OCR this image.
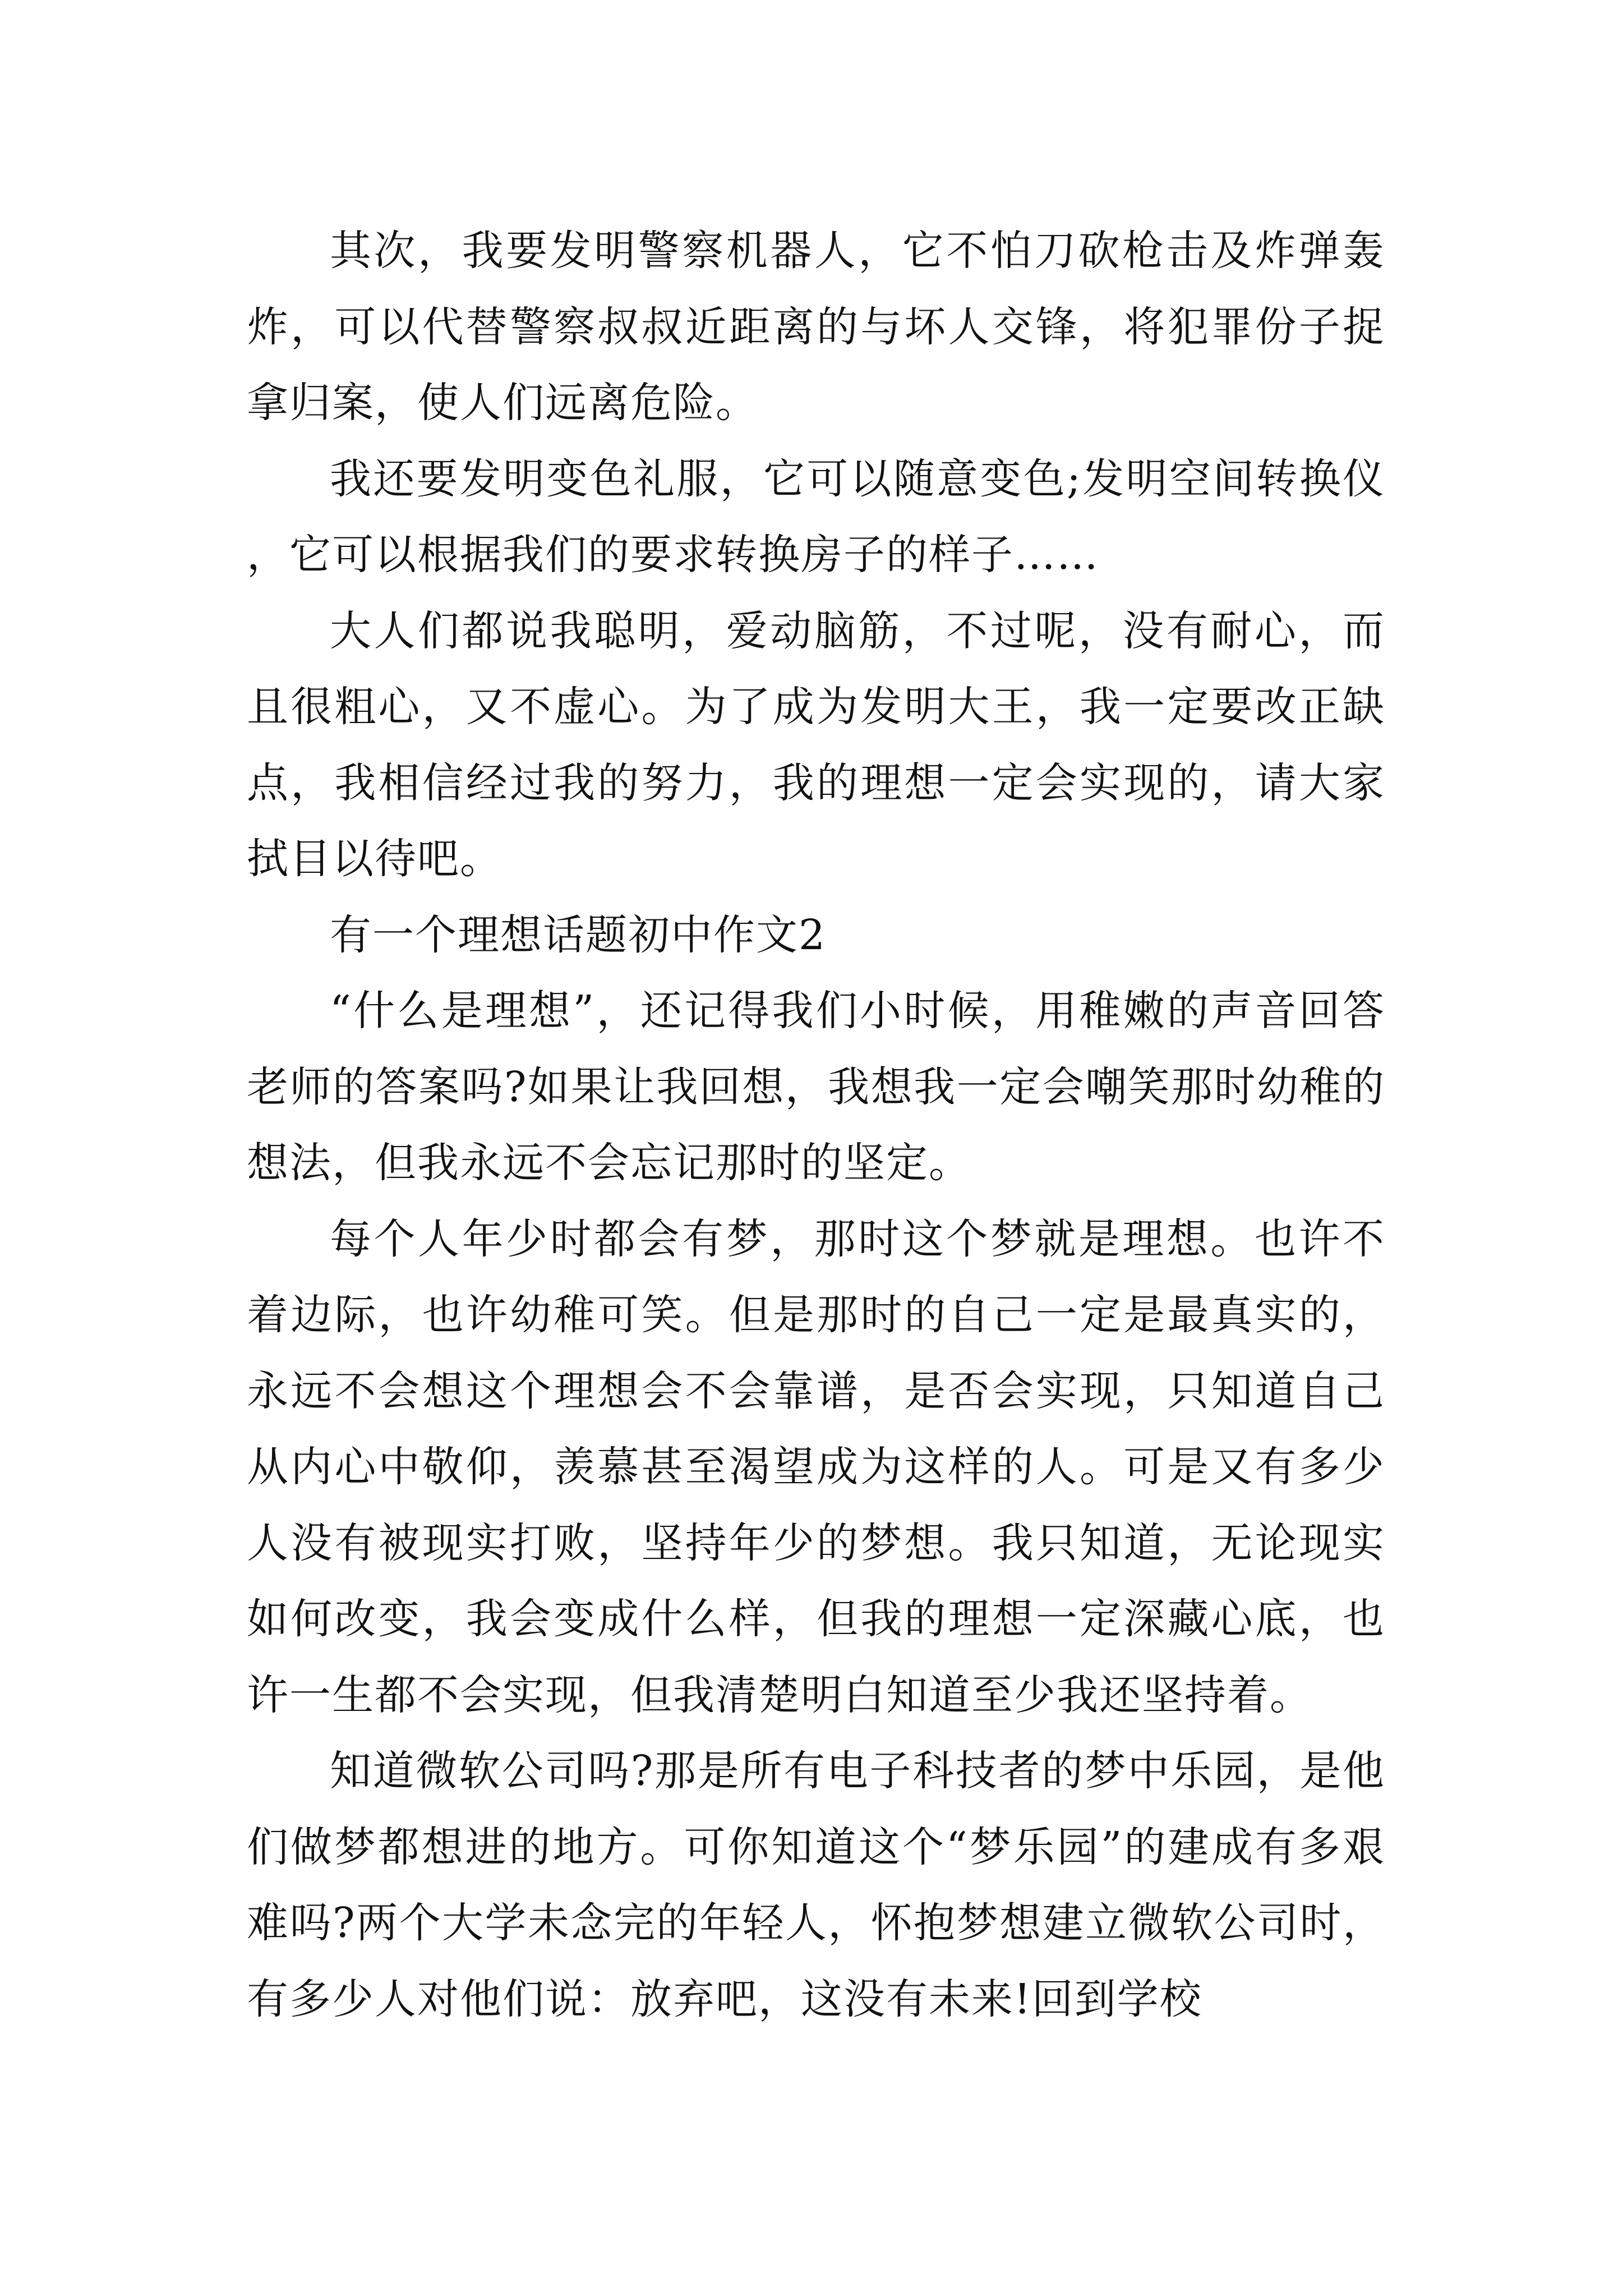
其次，我要发明警察机器人，它不怕刀砍枪击及炸弹轰炸，可以代替警察叔叔近距离的与坏人交锋，将犯罪份子捉拿归案，使人们远离危险。

我还要发明变色礼服，它可以随意变色;发明空间转换仪，它可以根据我们的要求转换房子的样子……

大人们都说我聪明，爱动脑筋，不过呢，没有耐心，而且很粗心，又不虚心。为了成为发明大王，我一定要改正缺点，我相信经过我的努力，我的理想一定会实现的，请大家拭目以待吧。

有一个理想话题初中作文2

“什么是理想”，还记得我们小时候，用稚嫩的声音回答老师的答案吗?如果让我回想，我想我一定会嘲笑那时幼稚的想法，但我永远不会忘记那时的坚定。

每个人年少时都会有梦，那时这个梦就是理想。也许不着边际，也许幼稚可笑。但是那时的自己一定是最真实的，永远不会想这个理想会不会靠谱，是否会实现，只知道自己从内心中敬仰，羡慕甚至渴望成为这样的人。可是又有多少人没有被现实打败，坚持年少的梦想。我只知道，无论现实如何改变，我会变成什么样，但我的理想一定深藏心底，也许一生都不会实现，但我清楚明白知道至少我还坚持着。

知道微软公司吗?那是所有电子科技者的梦中乐园，是他们做梦都想进的地方。可你知道这个“梦乐园”的建成有多艰难吗?两个大学未念完的年轻人，怀抱梦想建立微软公司时，有多少人对他们说：放弃吧，这没有未来!回到学校
